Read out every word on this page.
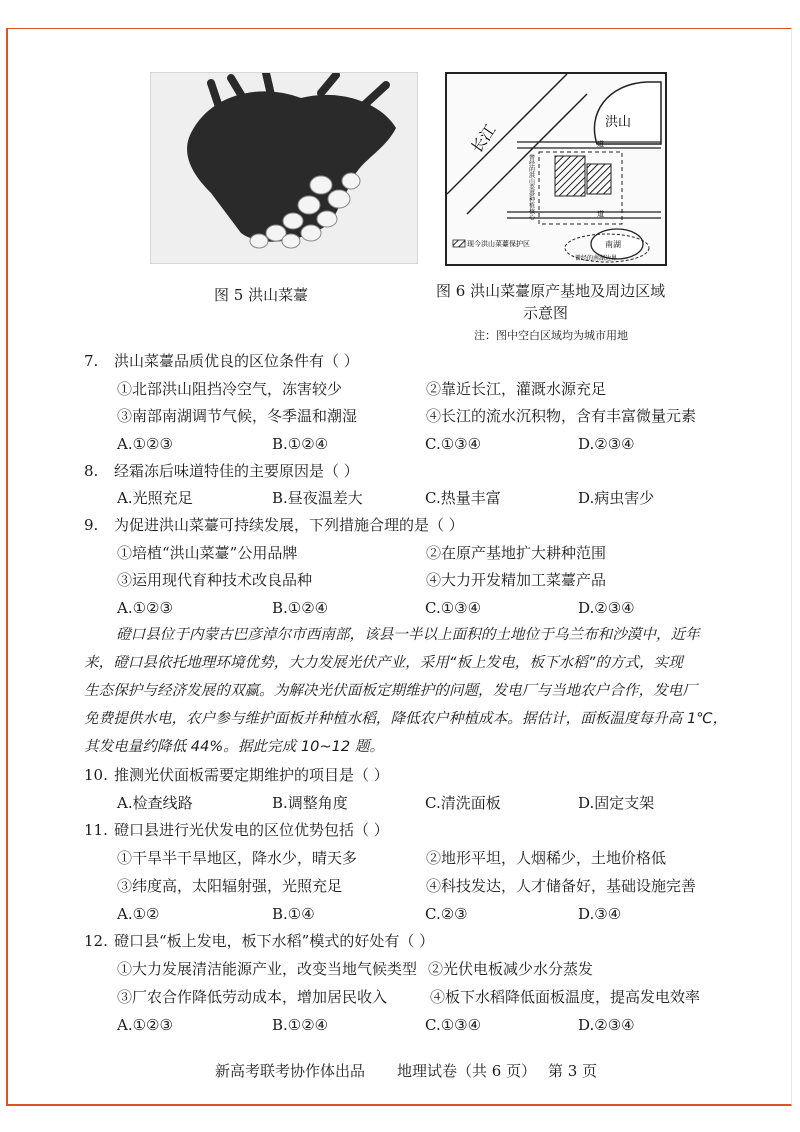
长江	洪山
道
道
曾经的洪山菜薹种植核心
南湖
曾经的南湖边界
现今洪山菜薹保护区
图 5 洪山菜薹	图 6 洪山菜薹原产基地及周边区域
示意图
注：图中空白区域均为城市用地
7. 洪山菜薹品质优良的区位条件有（ ）
①北部洪山阻挡冷空气，冻害较少	②靠近长江，灌溉水源充足
③南部南湖调节气候，冬季温和潮湿	④长江的流水沉积物，含有丰富微量元素
A.①②③	B.①②④	C.①③④	D.②③④
8. 经霜冻后味道特佳的主要原因是（ ）
A.光照充足	B.昼夜温差大	C.热量丰富	D.病虫害少
9. 为促进洪山菜薹可持续发展，下列措施合理的是（ ）
①培植“洪山菜薹”公用品牌	②在原产基地扩大耕种范围
③运用现代育种技术改良品种	④大力开发精加工菜薹产品
A.①②③	B.①②④	C.①③④	D.②③④
磴口县位于内蒙古巴彦淖尔市西南部，该县一半以上面积的土地位于乌兰布和沙漠中，近年
来，磴口县依托地理环境优势，大力发展光伏产业，采用“板上发电，板下水稻”的方式，实现
生态保护与经济发展的双赢。为解决光伏面板定期维护的问题，发电厂与当地农户合作，发电厂
免费提供水电，农户参与维护面板并种植水稻，降低农户种植成本。据估计，面板温度每升高 1℃，
其发电量约降低 44%。据此完成 10~12 题。
10. 推测光伏面板需要定期维护的项目是（ ）
A.检查线路	B.调整角度	C.清洗面板	D.固定支架
11. 磴口县进行光伏发电的区位优势包括（ ）
①干旱半干旱地区，降水少，晴天多	②地形平坦，人烟稀少，土地价格低
③纬度高，太阳辐射强，光照充足	④科技发达，人才储备好，基础设施完善
A.①②	B.①④	C.②③	D.③④
12. 磴口县“板上发电，板下水稻”模式的好处有（ ）
①大力发展清洁能源产业，改变当地气候类型 ②光伏电板减少水分蒸发
③厂农合作降低劳动成本，增加居民收入	④板下水稻降低面板温度，提高发电效率
A.①②③	B.①②④	C.①③④	D.②③④
新高考联考协作体出品 地理试卷（共 6 页） 第 3 页
